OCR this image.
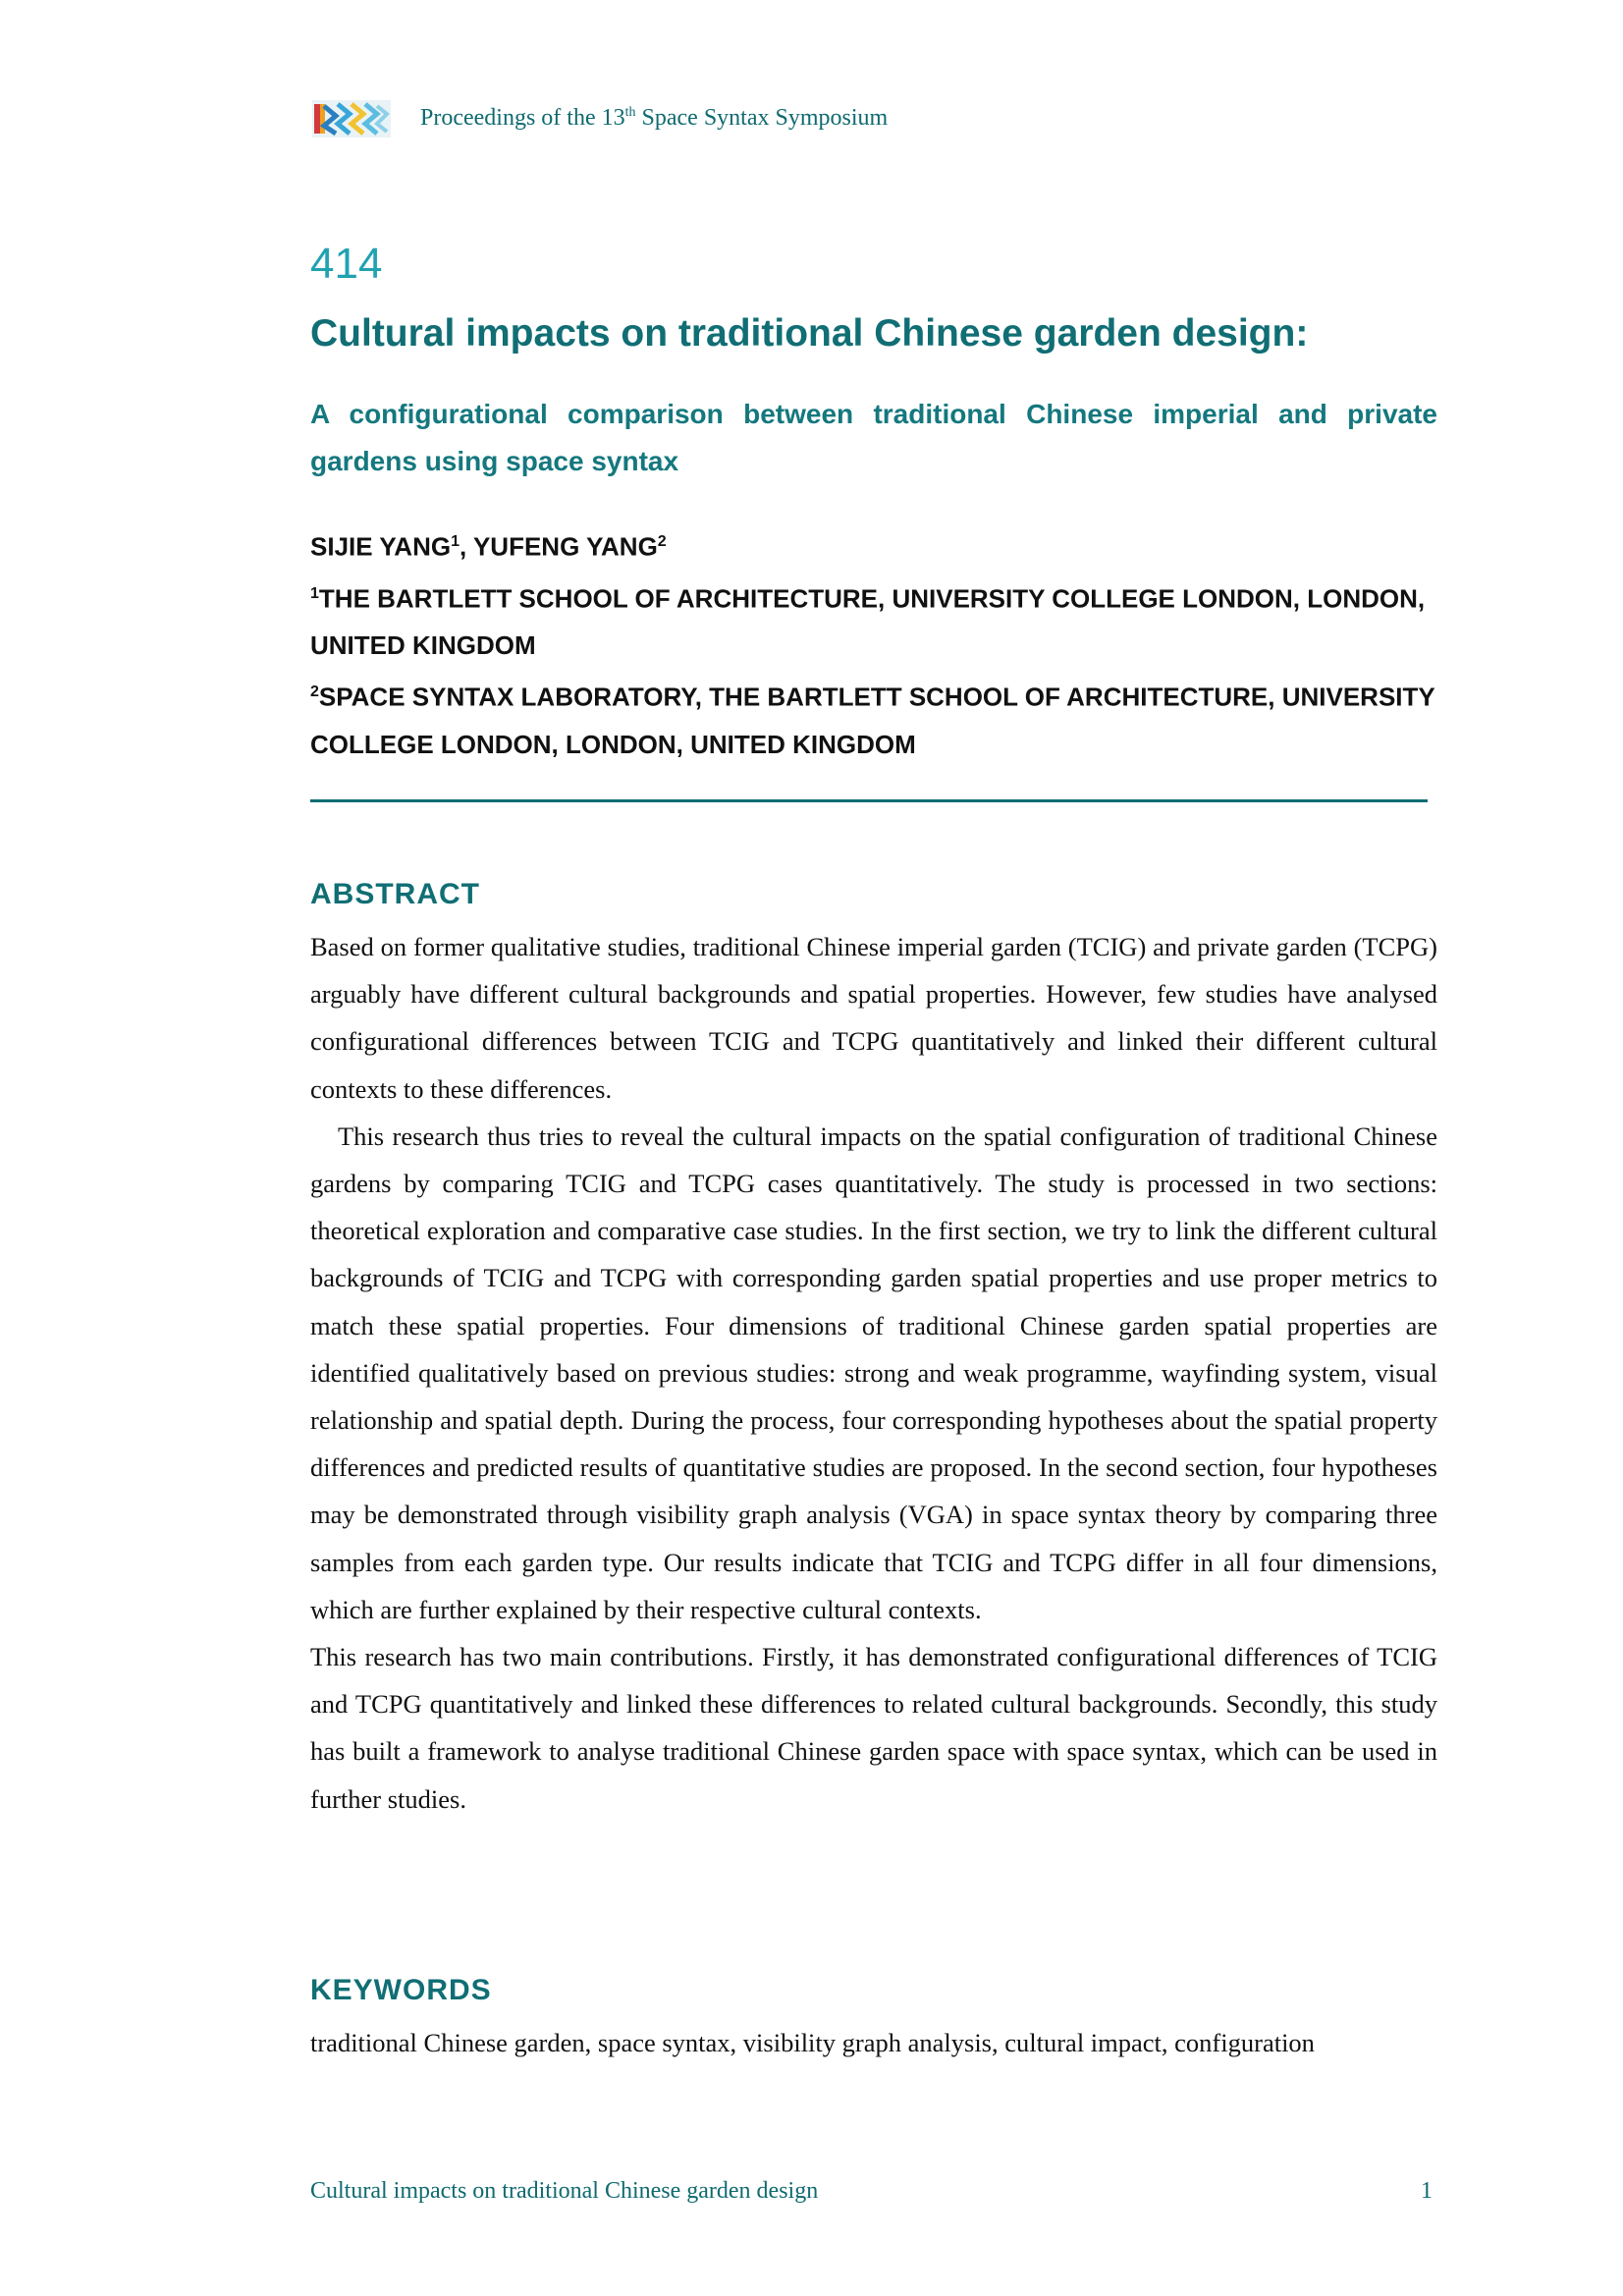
Proceedings of the 13th Space Syntax Symposium
414
Cultural impacts on traditional Chinese garden design:
A configurational comparison between traditional Chinese imperial and private gardens using space syntax
SIJIE YANG$^1$, YUFENG YANG$^2$
$^1$THE BARTLETT SCHOOL OF ARCHITECTURE, UNIVERSITY COLLEGE LONDON, LONDON, UNITED KINGDOM
$^2$SPACE SYNTAX LABORATORY, THE BARTLETT SCHOOL OF ARCHITECTURE, UNIVERSITY COLLEGE LONDON, LONDON, UNITED KINGDOM
ABSTRACT

Based on former qualitative studies, traditional Chinese imperial garden (TCIG) and private garden (TCPG) arguably have different cultural backgrounds and spatial properties. However, few studies have analysed configurational differences between TCIG and TCPG quantitatively and linked their different cultural contexts to these differences.

This research thus tries to reveal the cultural impacts on the spatial configuration of traditional Chinese gardens by comparing TCIG and TCPG cases quantitatively. The study is processed in two sections: theoretical exploration and comparative case studies. In the first section, we try to link the different cultural backgrounds of TCIG and TCPG with corresponding garden spatial properties and use proper metrics to match these spatial properties. Four dimensions of traditional Chinese garden spatial properties are identified qualitatively based on previous studies: strong and weak programme, wayfinding system, visual relationship and spatial depth. During the process, four corresponding hypotheses about the spatial property differences and predicted results of quantitative studies are proposed. In the second section, four hypotheses may be demonstrated through visibility graph analysis (VGA) in space syntax theory by comparing three samples from each garden type. Our results indicate that TCIG and TCPG differ in all four dimensions, which are further explained by their respective cultural contexts.

This research has two main contributions. Firstly, it has demonstrated configurational differences of TCIG and TCPG quantitatively and linked these differences to related cultural backgrounds. Secondly, this study has built a framework to analyse traditional Chinese garden space with space syntax, which can be used in further studies.

KEYWORDS
traditional Chinese garden, space syntax, visibility graph analysis, cultural impact, configuration
Cultural impacts on traditional Chinese garden design	1
